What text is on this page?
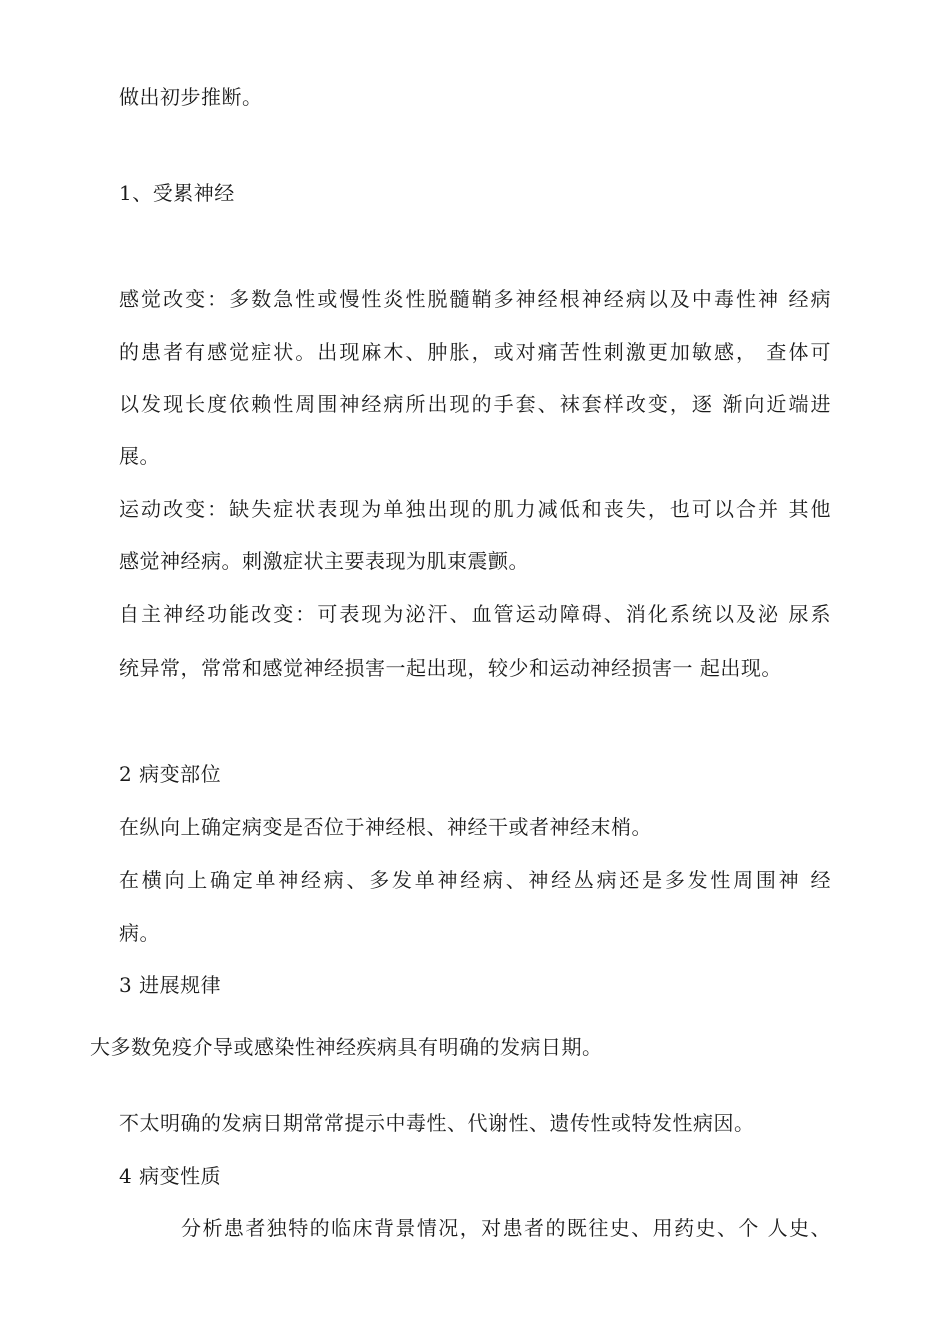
做出初步推断。
1、受累神经
感觉改变：多数急性或慢性炎性脱髓鞘多神经根神经病以及中毒性神 经病
的患者有感觉症状。出现麻木、肿胀，或对痛苦性刺激更加敏感， 查体可
以发现长度依赖性周围神经病所出现的手套、袜套样改变，逐 渐向近端进
展。
运动改变：缺失症状表现为单独出现的肌力减低和丧失，也可以合并 其他
感觉神经病。刺激症状主要表现为肌束震颤。
自主神经功能改变：可表现为泌汗、血管运动障碍、消化系统以及泌 尿系
统异常，常常和感觉神经损害一起出现，较少和运动神经损害一 起出现。
2 病变部位
在纵向上确定病变是否位于神经根、神经干或者神经末梢。
在横向上确定单神经病、多发单神经病、神经丛病还是多发性周围神 经
病。
3 进展规律
大多数免疫介导或感染性神经疾病具有明确的发病日期。
不太明确的发病日期常常提示中毒性、代谢性、遗传性或特发性病因。
4 病变性质
分析患者独特的临床背景情况，对患者的既往史、用药史、个 人史、
